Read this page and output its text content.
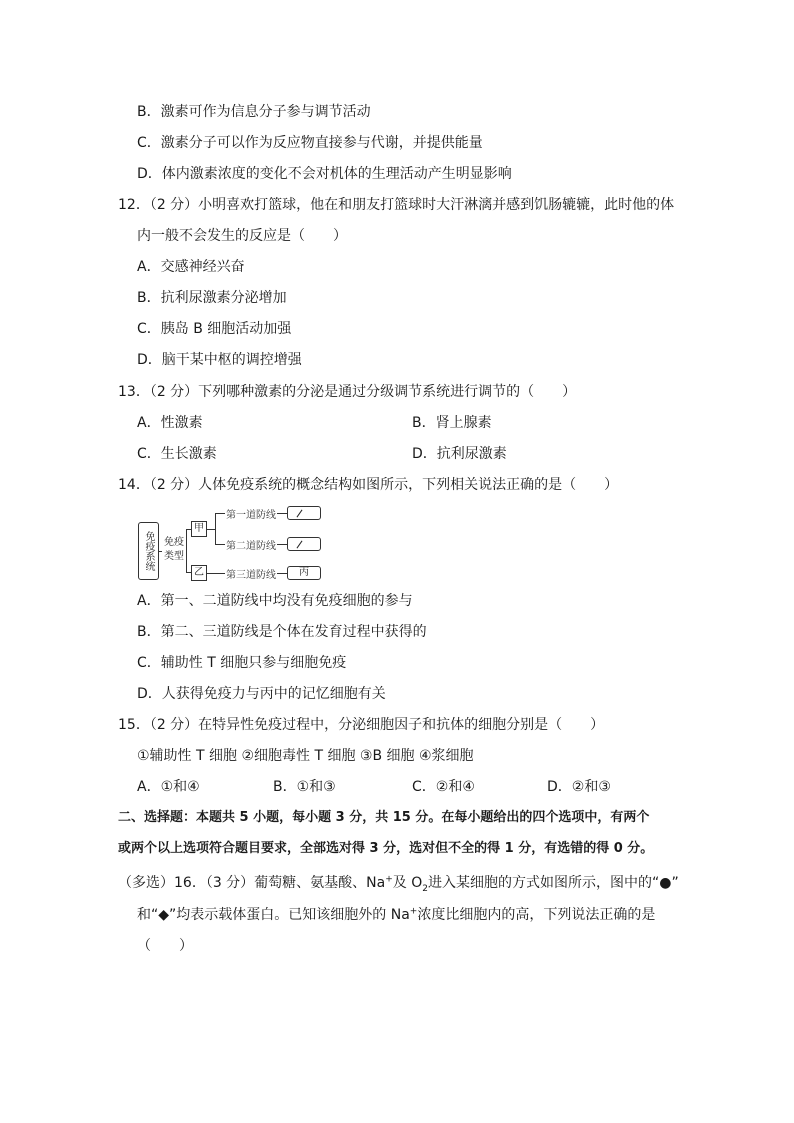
B．激素可作为信息分子参与调节活动
C．激素分子可以作为反应物直接参与代谢，并提供能量
D．体内激素浓度的变化不会对机体的生理活动产生明显影响
12．（2 分）小明喜欢打篮球，他在和朋友打篮球时大汗淋漓并感到饥肠辘辘，此时他的体
内一般不会发生的反应是（　　）
A．交感神经兴奋
B．抗利尿激素分泌增加
C．胰岛 B 细胞活动加强
D．脑干某中枢的调控增强
13．（2 分）下列哪种激素的分泌是通过分级调节系统进行调节的（　　）
A．性激素	B．肾上腺素
C．生长激素	D．抗利尿激素
14．（2 分）人体免疫系统的概念结构如图所示，下列相关说法正确的是（　　）
免疫系统	免疫类型
甲
乙
第一道防线
第二道防线
第三道防线	丙
A．第一、二道防线中均没有免疫细胞的参与
B．第二、三道防线是个体在发育过程中获得的
C．辅助性 T 细胞只参与细胞免疫
D．人获得免疫力与丙中的记忆细胞有关
15．（2 分）在特异性免疫过程中，分泌细胞因子和抗体的细胞分别是（　　）
①辅助性 T 细胞 ②细胞毒性 T 细胞 ③B 细胞 ④浆细胞
A．①和④	B．①和③	C．②和④	D．②和③
二、选择题：本题共 5 小题，每小题 3 分，共 15 分。在每小题给出的四个选项中，有两个
或两个以上选项符合题目要求，全部选对得 3 分，选对但不全的得 1 分，有选错的得 0 分。
（多选）16．（3 分）葡萄糖、氨基酸、Na+及 $O_2$进入某细胞的方式如图所示，图中的“●”
和“◆”均表示载体蛋白。已知该细胞外的 Na+浓度比细胞内的高，下列说法正确的是
（　　）
